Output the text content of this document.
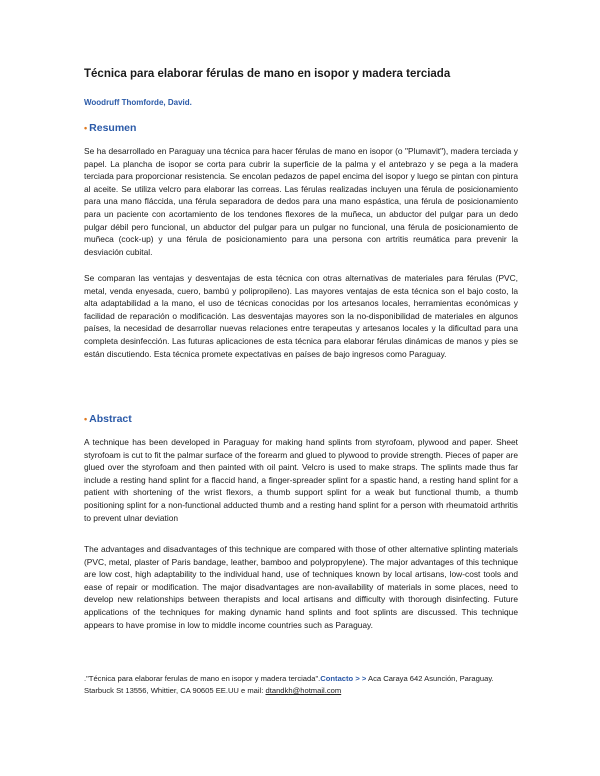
Técnica para elaborar férulas de mano en isopor y madera terciada
Woodruff Thomforde, David.
• Resumen

Se ha desarrollado en Paraguay una técnica para hacer férulas de mano en isopor (o "Plumavit"), madera terciada y papel. La plancha de isopor se corta para cubrir la superficie de la palma y el antebrazo y se pega a la madera terciada para proporcionar resistencia. Se encolan pedazos de papel encima del isopor y luego se pintan con pintura al aceite. Se utiliza velcro para elaborar las correas. Las férulas realizadas incluyen una férula de posicionamiento para una mano fláccida, una férula separadora de dedos para una mano espástica, una férula de posicionamiento para un paciente con acortamiento de los tendones flexores de la muñeca, un abductor del pulgar para un dedo pulgar débil pero funcional, un abductor del pulgar para un pulgar no funcional, una férula de posicionamiento de muñeca (cock-up) y una férula de posicionamiento para una persona con artritis reumática para prevenir la desviación cubital.

Se comparan las ventajas y desventajas de esta técnica con otras alternativas de materiales para férulas (PVC, metal, venda enyesada, cuero, bambú y polipropileno). Las mayores ventajas de esta técnica son el bajo costo, la alta adaptabilidad a la mano, el uso de técnicas conocidas por los artesanos locales, herramientas económicas y facilidad de reparación o modificación. Las desventajas mayores son la no-disponibilidad de materiales en algunos países, la necesidad de desarrollar nuevas relaciones entre terapeutas y artesanos locales y la dificultad para una completa desinfección. Las futuras aplicaciones de esta técnica para elaborar férulas dinámicas de manos y pies se están discutiendo. Esta técnica promete expectativas en países de bajo ingresos como Paraguay.

• Abstract

A technique has been developed in Paraguay for making hand splints from styrofoam, plywood and paper. Sheet styrofoam is cut to fit the palmar surface of the forearm and glued to plywood to provide strength. Pieces of paper are glued over the styrofoam and then painted with oil paint. Velcro is used to make straps. The splints made thus far include a resting hand splint for a flaccid hand, a finger-spreader splint for a spastic hand, a resting hand splint for a patient with shortening of the wrist flexors, a thumb support splint for a weak but functional thumb, a thumb positioning splint for a non-functional adducted thumb and a resting hand splint for a person with rheumatoid arthritis to prevent ulnar deviation

The advantages and disadvantages of this technique are compared with those of other alternative splinting materials (PVC, metal, plaster of Paris bandage, leather, bamboo and polypropylene). The major advantages of this technique are low cost, high adaptability to the individual hand, use of techniques known by local artisans, low-cost tools and ease of repair or modification. The major disadvantages are non-availability of materials in some places, need to develop new relationships between therapists and local artisans and difficulty with thorough disinfecting. Future applications of the techniques for making dynamic hand splints and foot splints are discussed. This technique appears to have promise in low to middle income countries such as Paraguay.

."Técnica para elaborar ferulas de mano en isopor y madera terciada".Contacto > > Aca Caraya 642 Asunción, Paraguay. Starbuck St 13556, Whittier, CA 90605 EE.UU e mail: dtandkh@hotmail.com
